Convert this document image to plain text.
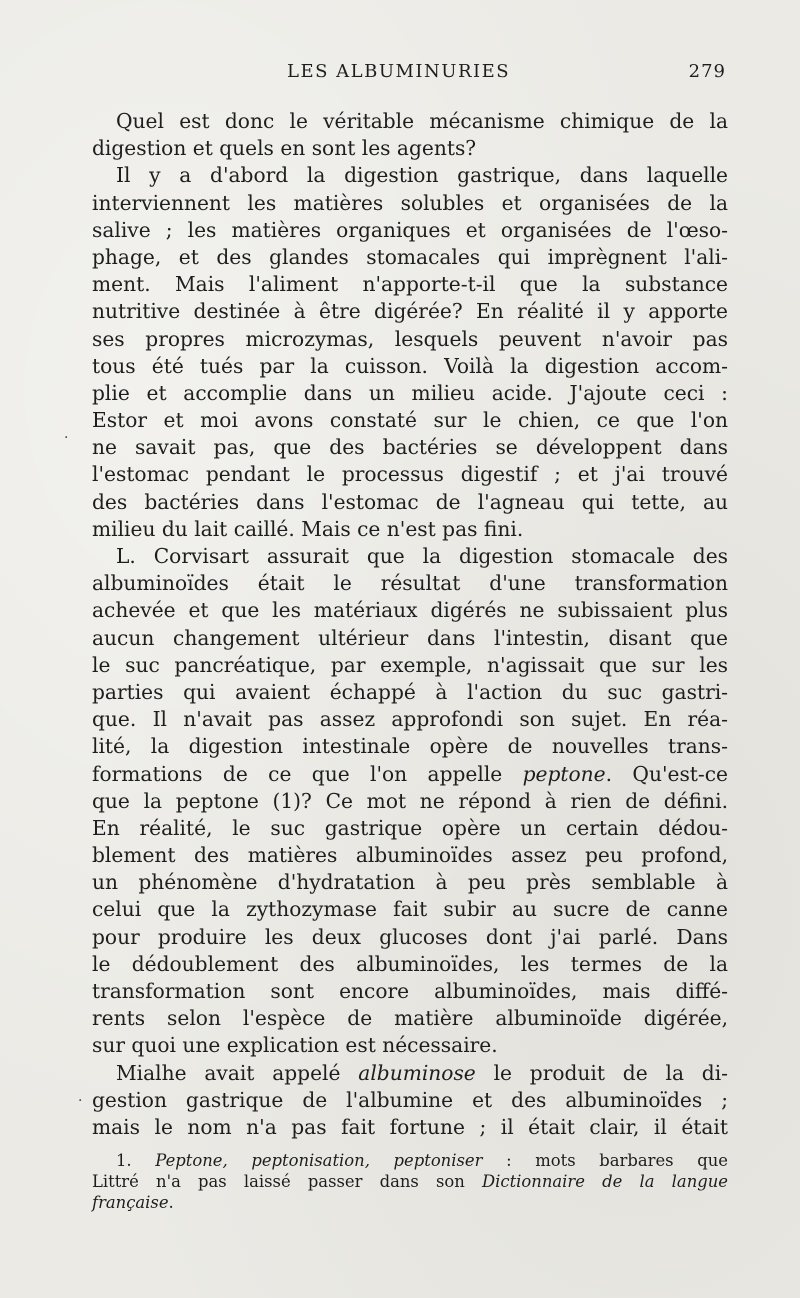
LES ALBUMINURIES	279
Quel est donc le véritable mécanisme chimique de la
digestion et quels en sont les agents?
Il y a d'abord la digestion gastrique, dans laquelle
interviennent les matières solubles et organisées de la
salive ; les matières organiques et organisées de l'œso-
phage, et des glandes stomacales qui imprègnent l'ali-
ment. Mais l'aliment n'apporte-t-il que la substance
nutritive destinée à être digérée? En réalité il y apporte
ses propres microzymas, lesquels peuvent n'avoir pas
tous été tués par la cuisson. Voilà la digestion accom-
plie et accomplie dans un milieu acide. J'ajoute ceci :
Estor et moi avons constaté sur le chien, ce que l'on
ne savait pas, que des bactéries se développent dans
l'estomac pendant le processus digestif ; et j'ai trouvé
des bactéries dans l'estomac de l'agneau qui tette, au
milieu du lait caillé. Mais ce n'est pas fini.
L. Corvisart assurait que la digestion stomacale des
albuminoïdes était le résultat d'une transformation
achevée et que les matériaux digérés ne subissaient plus
aucun changement ultérieur dans l'intestin, disant que
le suc pancréatique, par exemple, n'agissait que sur les
parties qui avaient échappé à l'action du suc gastri-
que. Il n'avait pas assez approfondi son sujet. En réa-
lité, la digestion intestinale opère de nouvelles trans-
formations de ce que l'on appelle peptone. Qu'est-ce
que la peptone (1)? Ce mot ne répond à rien de défini.
En réalité, le suc gastrique opère un certain dédou-
blement des matières albuminoïdes assez peu profond,
un phénomène d'hydratation à peu près semblable à
celui que la zythozymase fait subir au sucre de canne
pour produire les deux glucoses dont j'ai parlé. Dans
le dédoublement des albuminoïdes, les termes de la
transformation sont encore albuminoïdes, mais diffé-
rents selon l'espèce de matière albuminoïde digérée,
sur quoi une explication est nécessaire.
Mialhe avait appelé albuminose le produit de la di-
gestion gastrique de l'albumine et des albuminoïdes ;
mais le nom n'a pas fait fortune ; il était clair, il était
1. Peptone, peptonisation, peptoniser : mots barbares que
Littré n'a pas laissé passer dans son Dictionnaire de la langue
française.
·
·
